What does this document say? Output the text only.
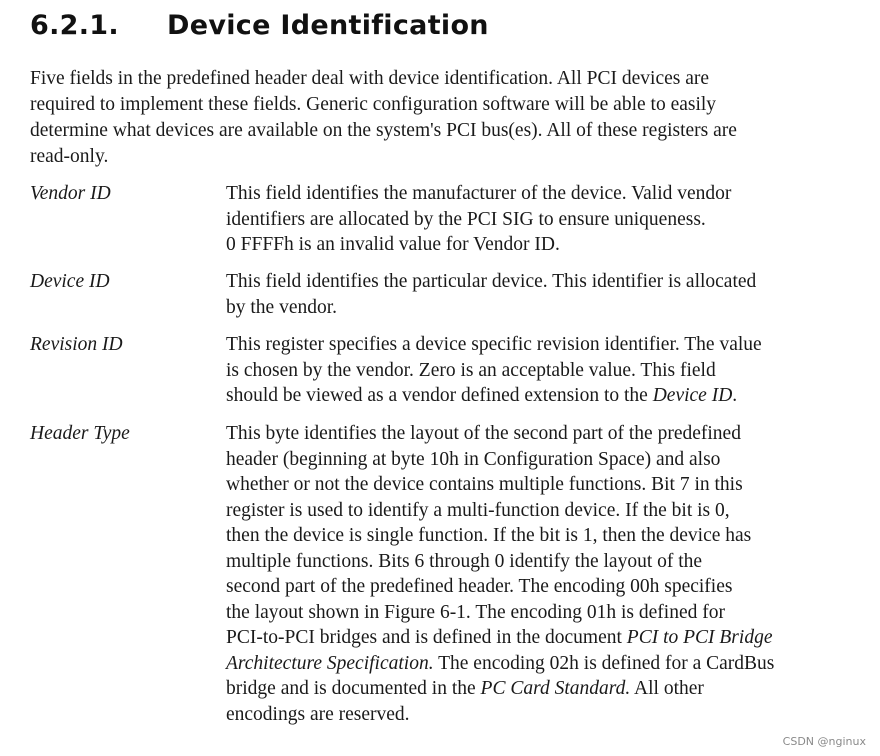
6.2.1. Device Identification

Five fields in the predefined header deal with device identification. All PCI devices are
required to implement these fields. Generic configuration software will be able to easily
determine what devices are available on the system's PCI bus(es). All of these registers are
read-only.

Vendor ID	This field identifies the manufacturer of the device. Valid vendor
identifiers are allocated by the PCI SIG to ensure uniqueness.
0 FFFFh is an invalid value for Vendor ID.

Device ID	This field identifies the particular device. This identifier is allocated
by the vendor.

Revision ID	This register specifies a device specific revision identifier. The value
is chosen by the vendor. Zero is an acceptable value. This field
should be viewed as a vendor defined extension to the Device ID.

Header Type	This byte identifies the layout of the second part of the predefined
header (beginning at byte 10h in Configuration Space) and also
whether or not the device contains multiple functions. Bit 7 in this
register is used to identify a multi-function device. If the bit is 0,
then the device is single function. If the bit is 1, then the device has
multiple functions. Bits 6 through 0 identify the layout of the
second part of the predefined header. The encoding 00h specifies
the layout shown in Figure 6-1. The encoding 01h is defined for
PCI-to-PCI bridges and is defined in the document PCI to PCI Bridge
Architecture Specification. The encoding 02h is defined for a CardBus
bridge and is documented in the PC Card Standard. All other
encodings are reserved.

CSDN @nginux
